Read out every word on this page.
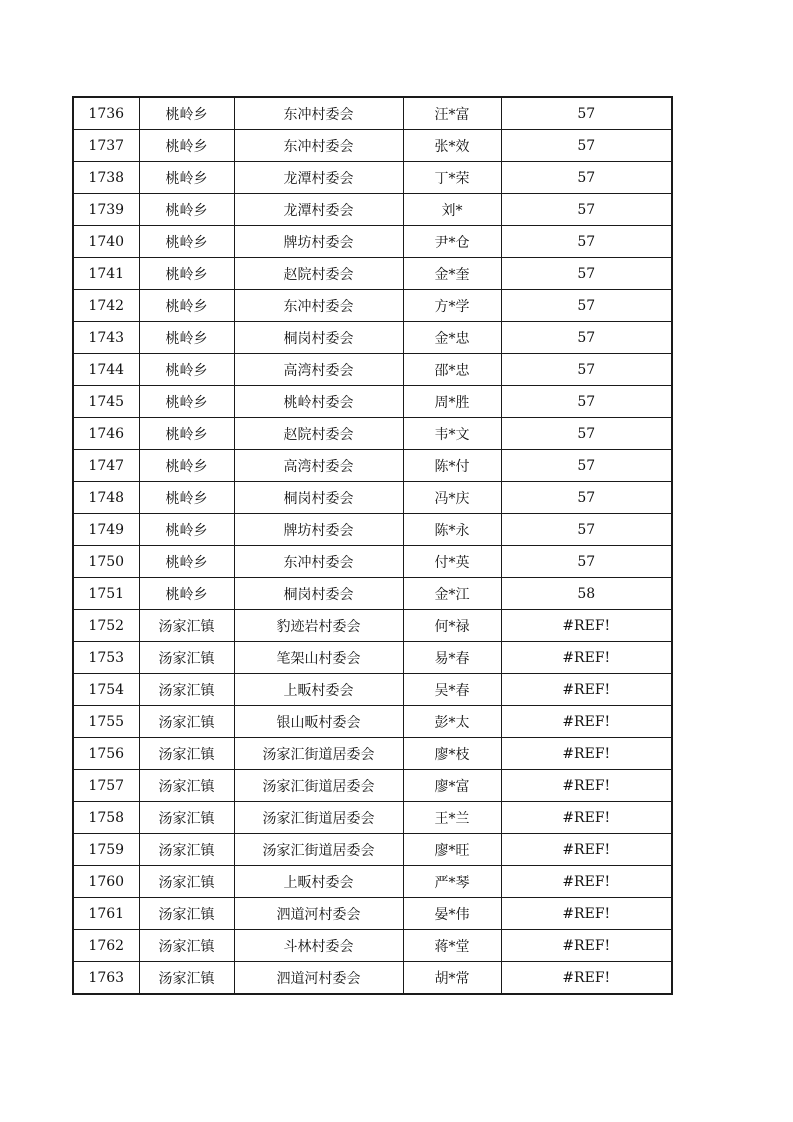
1736	桃岭乡	东冲村委会	汪*富	57
1737	桃岭乡	东冲村委会	张*效	57
1738	桃岭乡	龙潭村委会	丁*荣	57
1739	桃岭乡	龙潭村委会	刘*	57
1740	桃岭乡	牌坊村委会	尹*仓	57
1741	桃岭乡	赵院村委会	金*奎	57
1742	桃岭乡	东冲村委会	方*学	57
1743	桃岭乡	桐岗村委会	金*忠	57
1744	桃岭乡	高湾村委会	邵*忠	57
1745	桃岭乡	桃岭村委会	周*胜	57
1746	桃岭乡	赵院村委会	韦*文	57
1747	桃岭乡	高湾村委会	陈*付	57
1748	桃岭乡	桐岗村委会	冯*庆	57
1749	桃岭乡	牌坊村委会	陈*永	57
1750	桃岭乡	东冲村委会	付*英	57
1751	桃岭乡	桐岗村委会	金*江	58
1752	汤家汇镇	豹迹岩村委会	何*禄	#REF!
1753	汤家汇镇	笔架山村委会	易*春	#REF!
1754	汤家汇镇	上畈村委会	吴*春	#REF!
1755	汤家汇镇	银山畈村委会	彭*太	#REF!
1756	汤家汇镇	汤家汇街道居委会	廖*枝	#REF!
1757	汤家汇镇	汤家汇街道居委会	廖*富	#REF!
1758	汤家汇镇	汤家汇街道居委会	王*兰	#REF!
1759	汤家汇镇	汤家汇街道居委会	廖*旺	#REF!
1760	汤家汇镇	上畈村委会	严*琴	#REF!
1761	汤家汇镇	泗道河村委会	晏*伟	#REF!
1762	汤家汇镇	斗林村委会	蒋*堂	#REF!
1763	汤家汇镇	泗道河村委会	胡*常	#REF!
